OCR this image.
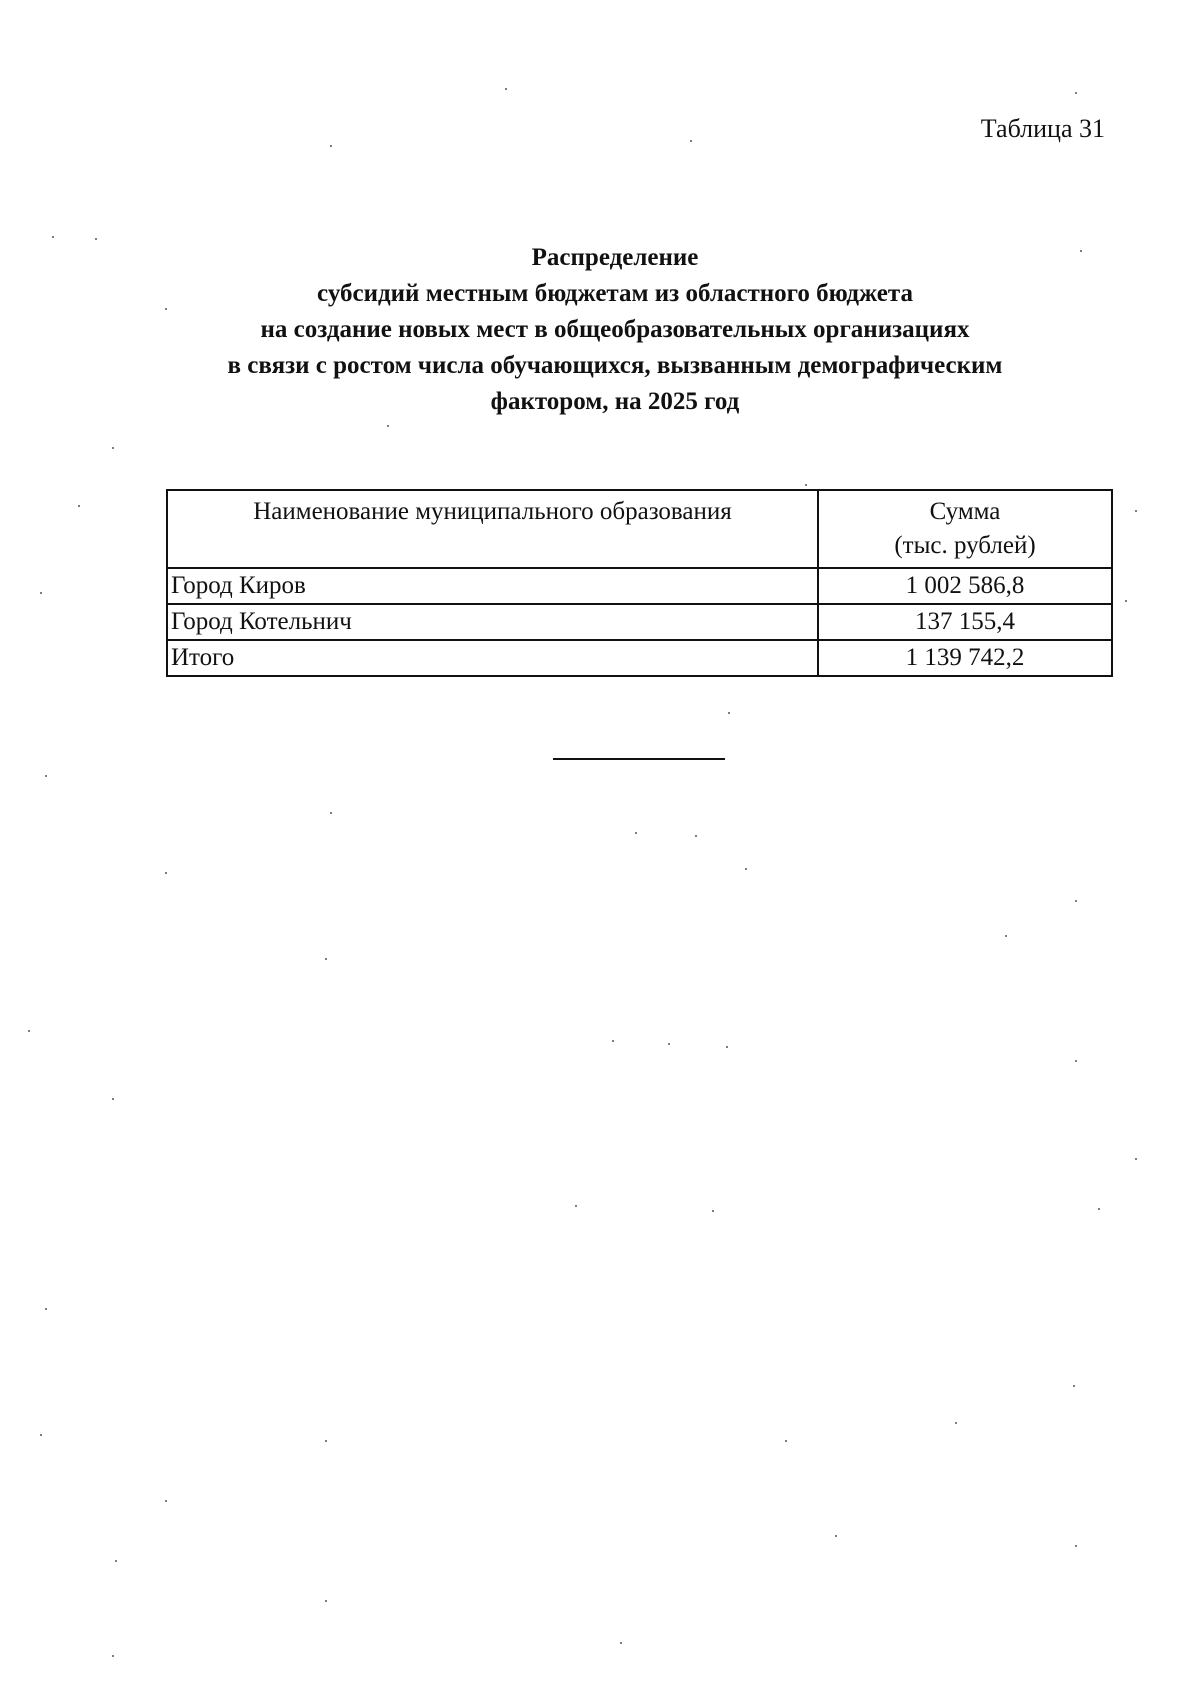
Таблица 31
Распределение
субсидий местным бюджетам из областного бюджета
на создание новых мест в общеобразовательных организациях
в связи с ростом числа обучающихся, вызванным демографическим
фактором, на 2025 год
Наименование муниципального образования	Сумма
(тыс. рублей)

Город Киров	1 002 586,8
Город Котельнич	137 155,4
Итого	1 139 742,2
